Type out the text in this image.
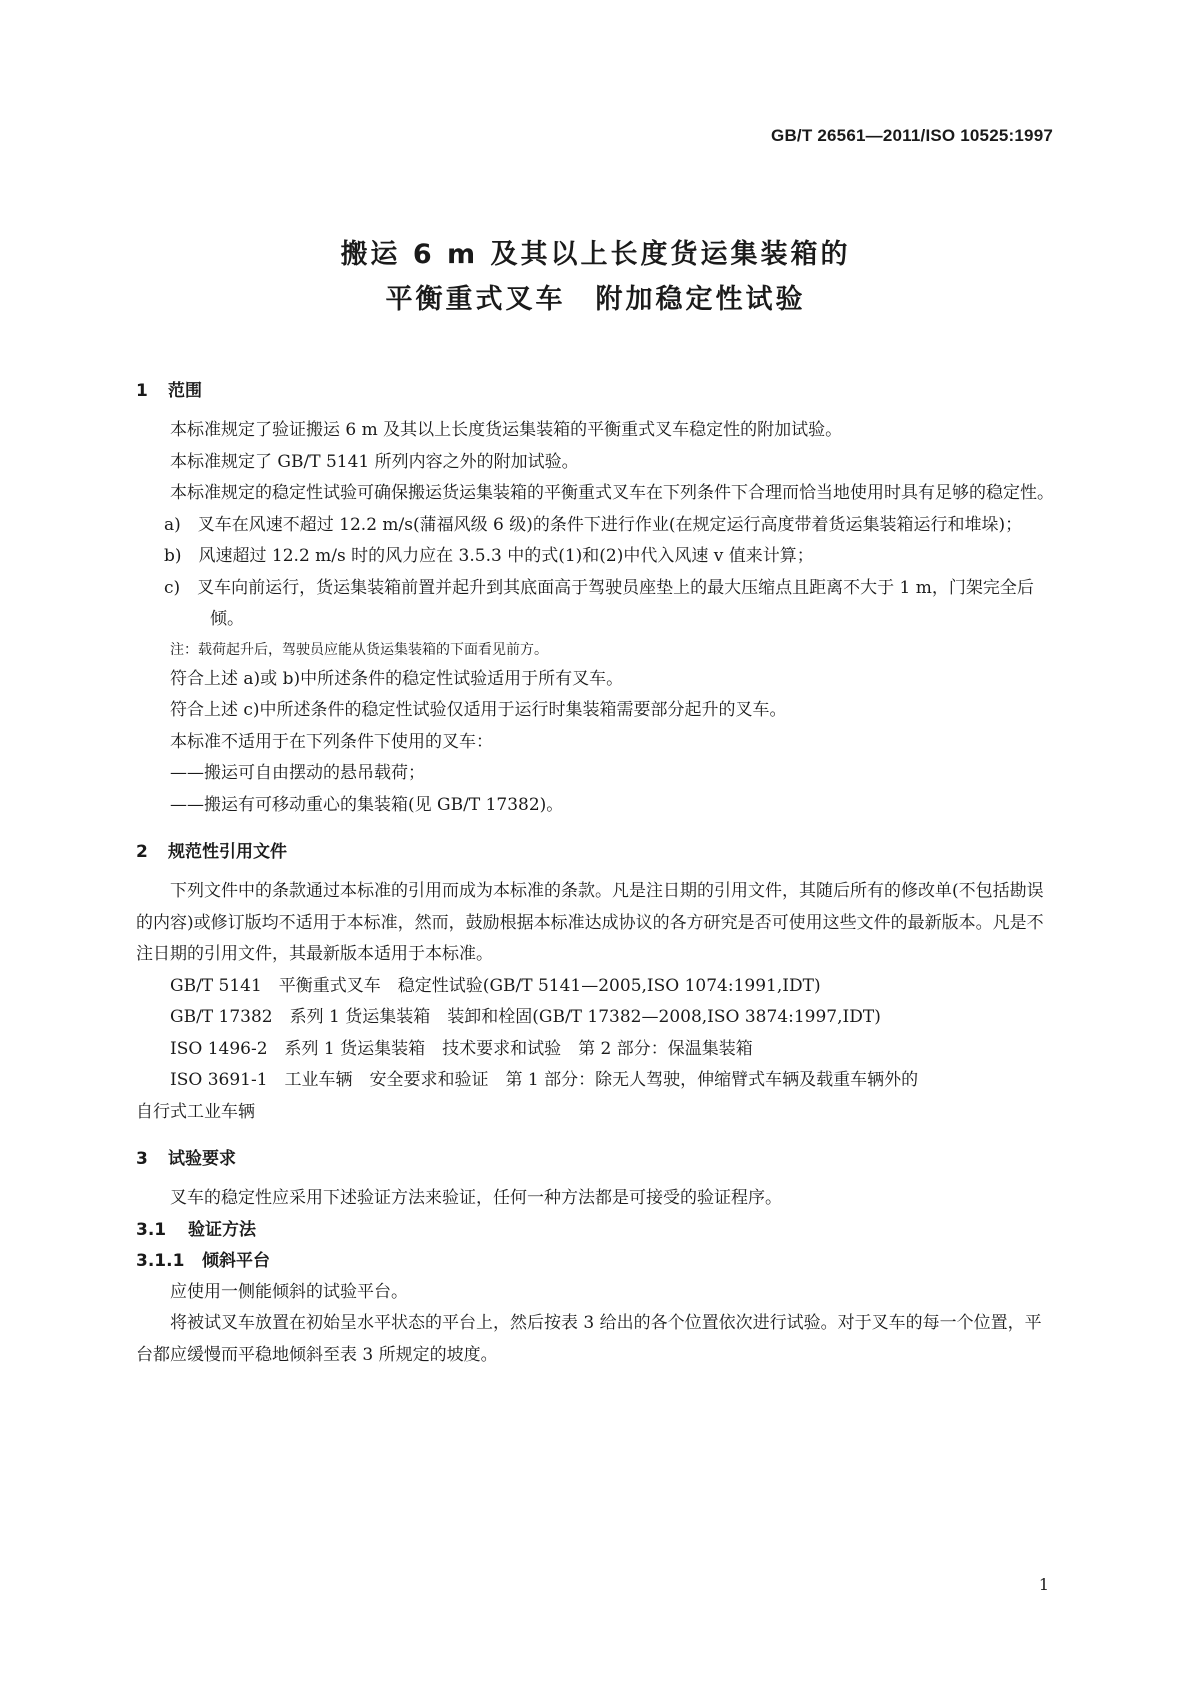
GB/T 26561—2011/ISO 10525:1997
搬运 6 m 及其以上长度货运集装箱的
平衡重式叉车　附加稳定性试验
1 范围

本标准规定了验证搬运 6 m 及其以上长度货运集装箱的平衡重式叉车稳定性的附加试验。

本标准规定了 GB/T 5141 所列内容之外的附加试验。

本标准规定的稳定性试验可确保搬运货运集装箱的平衡重式叉车在下列条件下合理而恰当地使用时具有足够的稳定性。

a)　叉车在风速不超过 12.2 m/s(蒲福风级 6 级)的条件下进行作业(在规定运行高度带着货运集装箱运行和堆垛)；

b)　风速超过 12.2 m/s 时的风力应在 3.5.3 中的式(1)和(2)中代入风速 v 值来计算；

c)　叉车向前运行，货运集装箱前置并起升到其底面高于驾驶员座垫上的最大压缩点且距离不大于 1 m，门架完全后倾。

注：载荷起升后，驾驶员应能从货运集装箱的下面看见前方。

符合上述 a)或 b)中所述条件的稳定性试验适用于所有叉车。

符合上述 c)中所述条件的稳定性试验仅适用于运行时集装箱需要部分起升的叉车。

本标准不适用于在下列条件下使用的叉车：

——搬运可自由摆动的悬吊载荷；

——搬运有可移动重心的集装箱(见 GB/T 17382)。

2 规范性引用文件

下列文件中的条款通过本标准的引用而成为本标准的条款。凡是注日期的引用文件，其随后所有的修改单(不包括勘误的内容)或修订版均不适用于本标准，然而，鼓励根据本标准达成协议的各方研究是否可使用这些文件的最新版本。凡是不注日期的引用文件，其最新版本适用于本标准。

GB/T 5141　平衡重式叉车　稳定性试验(GB/T 5141—2005,ISO 1074:1991,IDT)

GB/T 17382　系列 1 货运集装箱　装卸和栓固(GB/T 17382—2008,ISO 3874:1997,IDT)

ISO 1496-2　系列 1 货运集装箱　技术要求和试验　第 2 部分：保温集装箱

ISO 3691-1　工业车辆　安全要求和验证　第 1 部分：除无人驾驶，伸缩臂式车辆及载重车辆外的

自行式工业车辆

3 试验要求

叉车的稳定性应采用下述验证方法来验证，任何一种方法都是可接受的验证程序。

3.1 验证方法
3.1.1 倾斜平台

应使用一侧能倾斜的试验平台。

将被试叉车放置在初始呈水平状态的平台上，然后按表 3 给出的各个位置依次进行试验。对于叉车的每一个位置，平台都应缓慢而平稳地倾斜至表 3 所规定的坡度。

1
